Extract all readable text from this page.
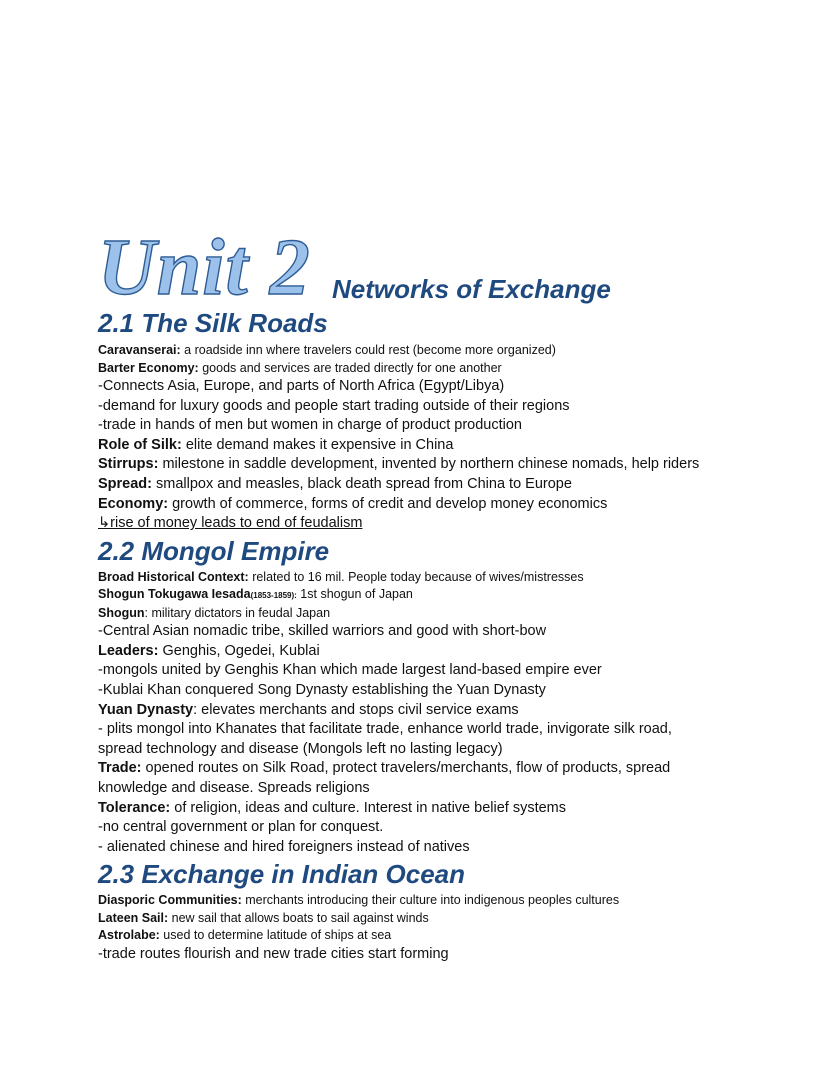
Unit 2 Networks of Exchange
2.1 The Silk Roads
Caravanserai: a roadside inn where travelers could rest (become more organized)
Barter Economy: goods and services are traded directly for one another
-Connects Asia, Europe, and parts of North Africa (Egypt/Libya)
-demand for luxury goods and people start trading outside of their regions
-trade in hands of men but women in charge of product production
Role of Silk: elite demand makes it expensive in China
Stirrups: milestone in saddle development, invented by northern chinese nomads, help riders
Spread: smallpox and measles, black death spread from China to Europe
Economy: growth of commerce, forms of credit and develop money economics
↳rise of money leads to end of feudalism
2.2 Mongol Empire
Broad Historical Context: related to 16 mil. People today because of wives/mistresses
Shogun Tokugawa Iesada(1853-1859): 1st shogun of Japan
Shogun: military dictators in feudal Japan
-Central Asian nomadic tribe, skilled warriors and good with short-bow
Leaders: Genghis, Ogedei, Kublai
-mongols united by Genghis Khan which made largest land-based empire ever
-Kublai Khan conquered Song Dynasty establishing the Yuan Dynasty
Yuan Dynasty: elevates merchants and stops civil service exams
- plits mongol into Khanates that facilitate trade, enhance world trade, invigorate silk road,
spread technology and disease (Mongols left no lasting legacy)
Trade: opened routes on Silk Road, protect travelers/merchants, flow of products, spread
knowledge and disease. Spreads religions
Tolerance: of religion, ideas and culture. Interest in native belief systems
-no central government or plan for conquest.
- alienated chinese and hired foreigners instead of natives
2.3 Exchange in Indian Ocean
Diasporic Communities: merchants introducing their culture into indigenous peoples cultures
Lateen Sail: new sail that allows boats to sail against winds
Astrolabe: used to determine latitude of ships at sea
-trade routes flourish and new trade cities start forming
